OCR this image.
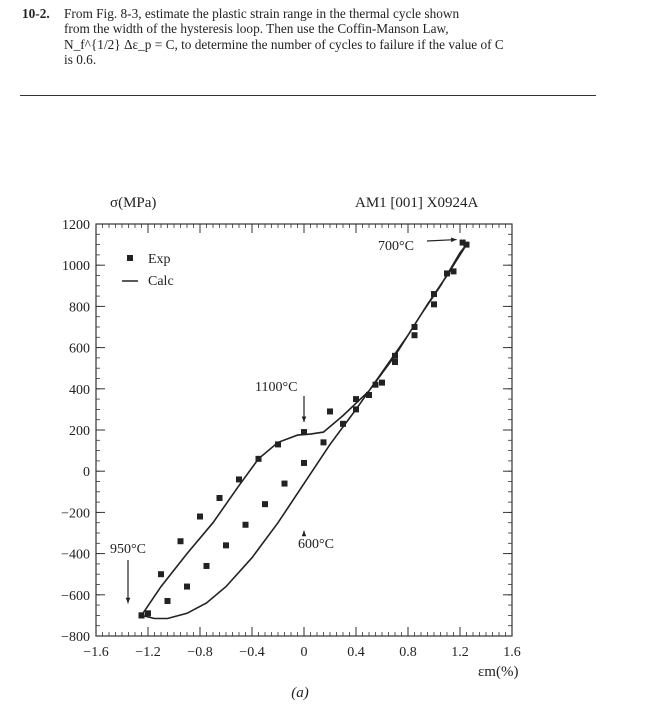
10-2. From Fig. 8-3, estimate the plastic strain range in the thermal cycle shown
from the width of the hysteresis loop. Then use the Coffin-Manson Law,
N_f^{1/2} Δε_p = C, to determine the number of cycles to failure if the value of C
is 0.6.
−1.6 −1.2 −0.8 −0.4	0	0.4 0.8 1.2 1.6
1200
1000
800
600
400
200
0
−200
−400
−600
−800
σ(MPa)	AM1 [001] X0924A
εm(%)
Exp
Calc
700°C
1100°C
950°C	600°C
(a)
